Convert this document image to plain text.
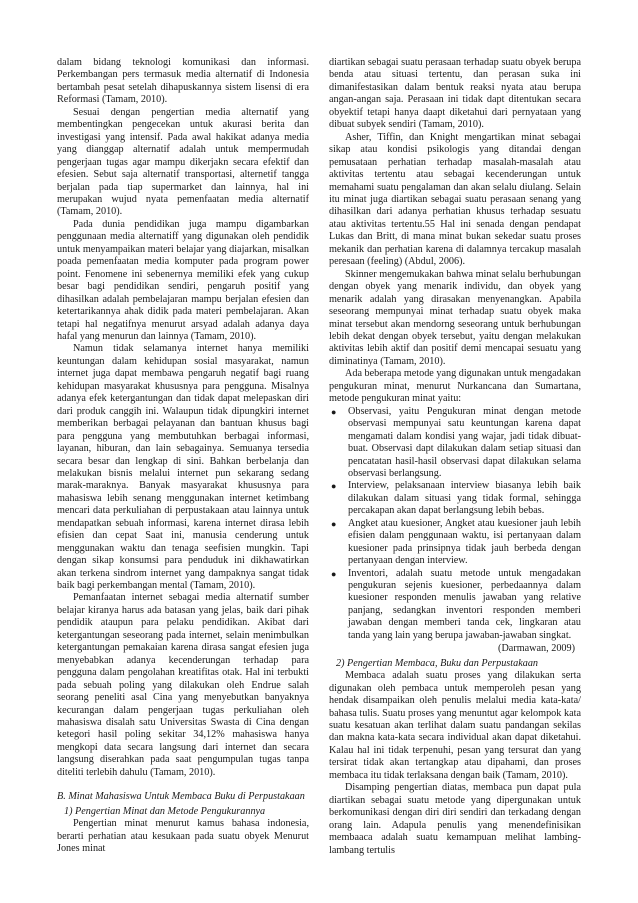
dalam bidang teknologi komunikasi dan informasi. Perkembangan pers termasuk media alternatif di Indonesia bertambah pesat setelah dihapuskannya sistem lisensi di era Reformasi (Tamam, 2010).

Sesuai dengan pengertian media alternatif yang membentingkan pengecekan untuk akurasi berita dan investigasi yang intensif. Pada awal hakikat adanya media yang dianggap alternatif adalah untuk mempermudah pengerjaan tugas agar mampu dikerjakn secara efektif dan efesien. Sebut saja alternatif transportasi, alternetif tangga berjalan pada tiap supermarket dan lainnya, hal ini merupakan wujud nyata pemenfaatan media alternatif (Tamam, 2010).

Pada dunia pendidikan juga mampu digambarkan penggunaan media alternatiff yang digunakan oleh pendidik untuk menyampaikan materi belajar yang diajarkan, misalkan poada pemenfaatan media komputer pada program power point. Fenomene ini sebenernya memiliki efek yang cukup besar bagi pendidikan sendiri, pengaruh positif yang dihasilkan adalah pembelajaran mampu berjalan efesien dan ketertarikannya ahak didik pada materi pembelajaran. Akan tetapi hal negatifnya menurut arsyad adalah adanya daya hafal yang menurun dan lainnya (Tamam, 2010).

Namun tidak selamanya internet hanya memiliki keuntungan dalam kehidupan sosial masyarakat, namun internet juga dapat membawa pengaruh negatif bagi ruang kehidupan masyarakat khususnya para pengguna. Misalnya adanya efek ketergantungan dan tidak dapat melepaskan diri dari produk canggih ini. Walaupun tidak dipungkiri internet memberikan berbagai pelayanan dan bantuan khusus bagi para pengguna yang membutuhkan berbagai informasi, layanan, hiburan, dan lain sebagainya. Semuanya tersedia secara besar dan lengkap di sini. Bahkan berbelanja dan melakukan bisnis melalui internet pun sekarang sedang marak-maraknya. Banyak masyarakat khususnya para mahasiswa lebih senang menggunakan internet ketimbang mencari data perkuliahan di perpustakaan atau lainnya untuk mendapatkan sebuah informasi, karena internet dirasa lebih efisien dan cepat Saat ini, manusia cenderung untuk menggunakan waktu dan tenaga seefisien mungkin. Tapi dengan sikap konsumsi para penduduk ini dikhawatirkan akan terkena sindrom internet yang dampaknya sangat tidak baik bagi perkembangan mental (Tamam, 2010).

Pemanfaatan internet sebagai media alternatif sumber belajar kiranya harus ada batasan yang jelas, baik dari pihak pendidik ataupun para pelaku pendidikan. Akibat dari ketergantungan seseorang pada internet, selain menimbulkan ketergantungan pemakaian karena dirasa sangat efesien juga menyebabkan adanya kecenderungan terhadap para pengguna dalam pengolahan kreatifitas otak. Hal ini terbukti pada sebuah poling yang dilakukan oleh Endrue salah seorang peneliti asal Cina yang menyebutkan banyaknya kecurangan dalam pengerjaan tugas perkuliahan oleh mahasiswa disalah satu Universitas Swasta di Cina dengan ketegori hasil poling sekitar 34,12% mahasiswa hanya mengkopi data secara langsung dari internet dan secara langsung diserahkan pada saat pengumpulan tugas tanpa diteliti terlebih dahulu (Tamam, 2010).

B. Minat Mahasiswa Untuk Membaca Buku di Perpustakaan

1) Pengertian Minat dan Metode Pengukurannya

Pengertian minat menurut kamus bahasa indonesia, berarti perhatian atau kesukaan pada suatu obyek Menurut Jones minat

diartikan sebagai suatu perasaan terhadap suatu obyek berupa benda atau situasi tertentu, dan perasan suka ini dimanifestasikan dalam bentuk reaksi nyata atau berupa angan-angan saja. Perasaan ini tidak dapt ditentukan secara obyektif tetapi hanya daapt diketahui dari pernyataan yang dibuat subyek sendiri (Tamam, 2010).

Asher, Tiffin, dan Knight mengartikan minat sebagai sikap atau kondisi psikologis yang ditandai dengan pemusataan perhatian terhadap masalah-masalah atau aktivitas tertentu atau sebagai kecenderungan untuk memahami suatu pengalaman dan akan selalu diulang. Selain itu minat juga diartikan sebagai suatu perasaan senang yang dihasilkan dari adanya perhatian khusus terhadap sesuatu atau aktivitas tertentu.55 Hal ini senada dengan pendapat Lukas dan Britt, di mana minat bukan sekedar suatu proses mekanik dan perhatian karena di dalamnya tercakup masalah peresaan (feeling) (Abdul, 2006).

Skinner mengemukakan bahwa minat selalu berhubungan dengan obyek yang menarik individu, dan obyek yang menarik adalah yang dirasakan menyenangkan. Apabila seseorang mempunyai minat terhadap suatu obyek maka minat tersebut akan mendorng seseorang untuk berhubungan lebih dekat dengan obyek tersebut, yaitu dengan melakukan aktivitas lebih aktif dan positif demi mencapai sesuatu yang diminatinya (Tamam, 2010).

Ada beberapa metode yang digunakan untuk mengadakan pengukuran minat, menurut Nurkancana dan Sumartana, metode pengukuran minat yaitu:

● Observasi, yaitu Pengukuran minat dengan metode observasi mempunyai satu keuntungan karena dapat mengamati dalam kondisi yang wajar, jadi tidak dibuat-buat. Observasi dapt dilakukan dalam setiap situasi dan pencatatan hasil-hasil observasi dapat dilakukan selama observasi berlangsung.
● Interview, pelaksanaan interview biasanya lebih baik dilakukan dalam situasi yang tidak formal, sehingga percakapan akan dapat berlangsung lebih bebas.
● Angket atau kuesioner, Angket atau kuesioner jauh lebih efisien dalam penggunaan waktu, isi pertanyaan dalam kuesioner pada prinsipnya tidak jauh berbeda dengan pertanyaan dengan interview.
● Inventori, adalah suatu metode untuk mengadakan pengukuran sejenis kuesioner, perbedaannya dalam kuesioner responden menulis jawaban yang relative panjang, sedangkan inventori responden memberi jawaban dengan memberi tanda cek, lingkaran atau tanda yang lain yang berupa jawaban-jawaban singkat.

(Darmawan, 2009)

2) Pengertian Membaca, Buku dan Perpustakaan

Membaca adalah suatu proses yang dilakukan serta digunakan oleh pembaca untuk memperoleh pesan yang hendak disampaikan oleh penulis melalui media kata-kata/ bahasa tulis. Suatu proses yang menuntut agar kelompok kata suatu kesatuan akan terlihat dalam suatu pandangan sekilas dan makna kata-kata secara individual akan dapat diketahui. Kalau hal ini tidak terpenuhi, pesan yang tersurat dan yang tersirat tidak akan tertangkap atau dipahami, dan proses membaca itu tidak terlaksana dengan baik (Tamam, 2010).

Disamping pengertian diatas, membaca pun dapat pula diartikan sebagai suatu metode yang dipergunakan untuk berkomunikasi dengan diri diri sendiri dan terkadang dengan orang lain. Adapula penulis yang menendefinisikan membaaca adalah suatu kemampuan melihat lambing-lambang tertulis
